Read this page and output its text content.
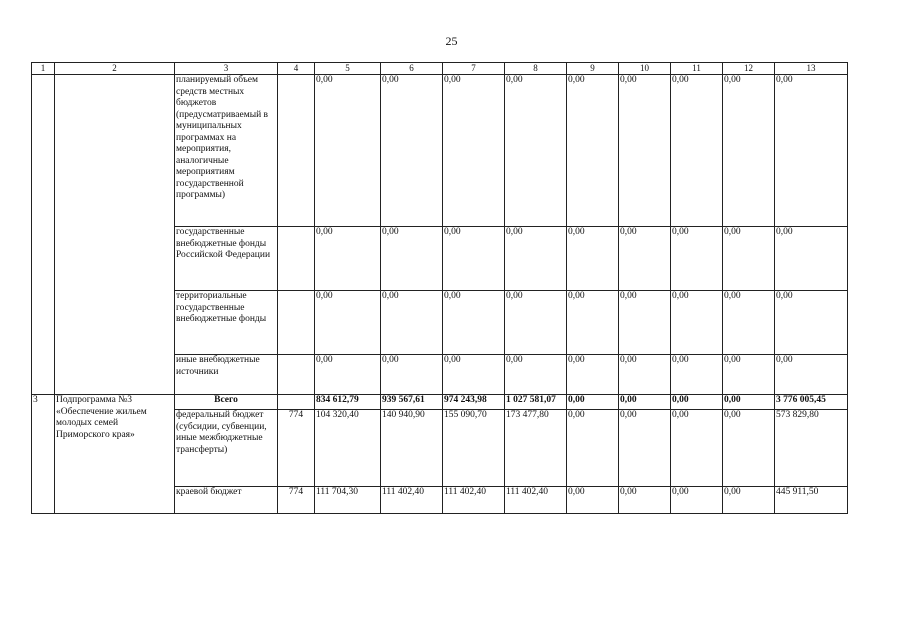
25
1	2	3	4	5	6	7	8	9	10	11	12	13
		планируемый объем средств местных бюджетов (предусматриваемый в муниципальных программах на мероприятия, аналогичные мероприятиям государственной программы)		0,00	0,00	0,00	0,00	0,00	0,00	0,00	0,00	0,00
		государственные внебюджетные фонды Российской Федерации		0,00	0,00	0,00	0,00	0,00	0,00	0,00	0,00	0,00
		территориальные государственные внебюджетные фонды		0,00	0,00	0,00	0,00	0,00	0,00	0,00	0,00	0,00
		иные внебюджетные источники		0,00	0,00	0,00	0,00	0,00	0,00	0,00	0,00	0,00
3	Подпрограмма №3 «Обеспечение жильем молодых семей Приморского края»	Всего		834 612,79	939 567,61	974 243,98	1 027 581,07	0,00	0,00	0,00	0,00	3 776 005,45
		федеральный бюджет (субсидии, субвенции, иные межбюджетные трансферты)	774	104 320,40	140 940,90	155 090,70	173 477,80	0,00	0,00	0,00	0,00	573 829,80
		краевой бюджет	774	111 704,30	111 402,40	111 402,40	111 402,40	0,00	0,00	0,00	0,00	445 911,50
